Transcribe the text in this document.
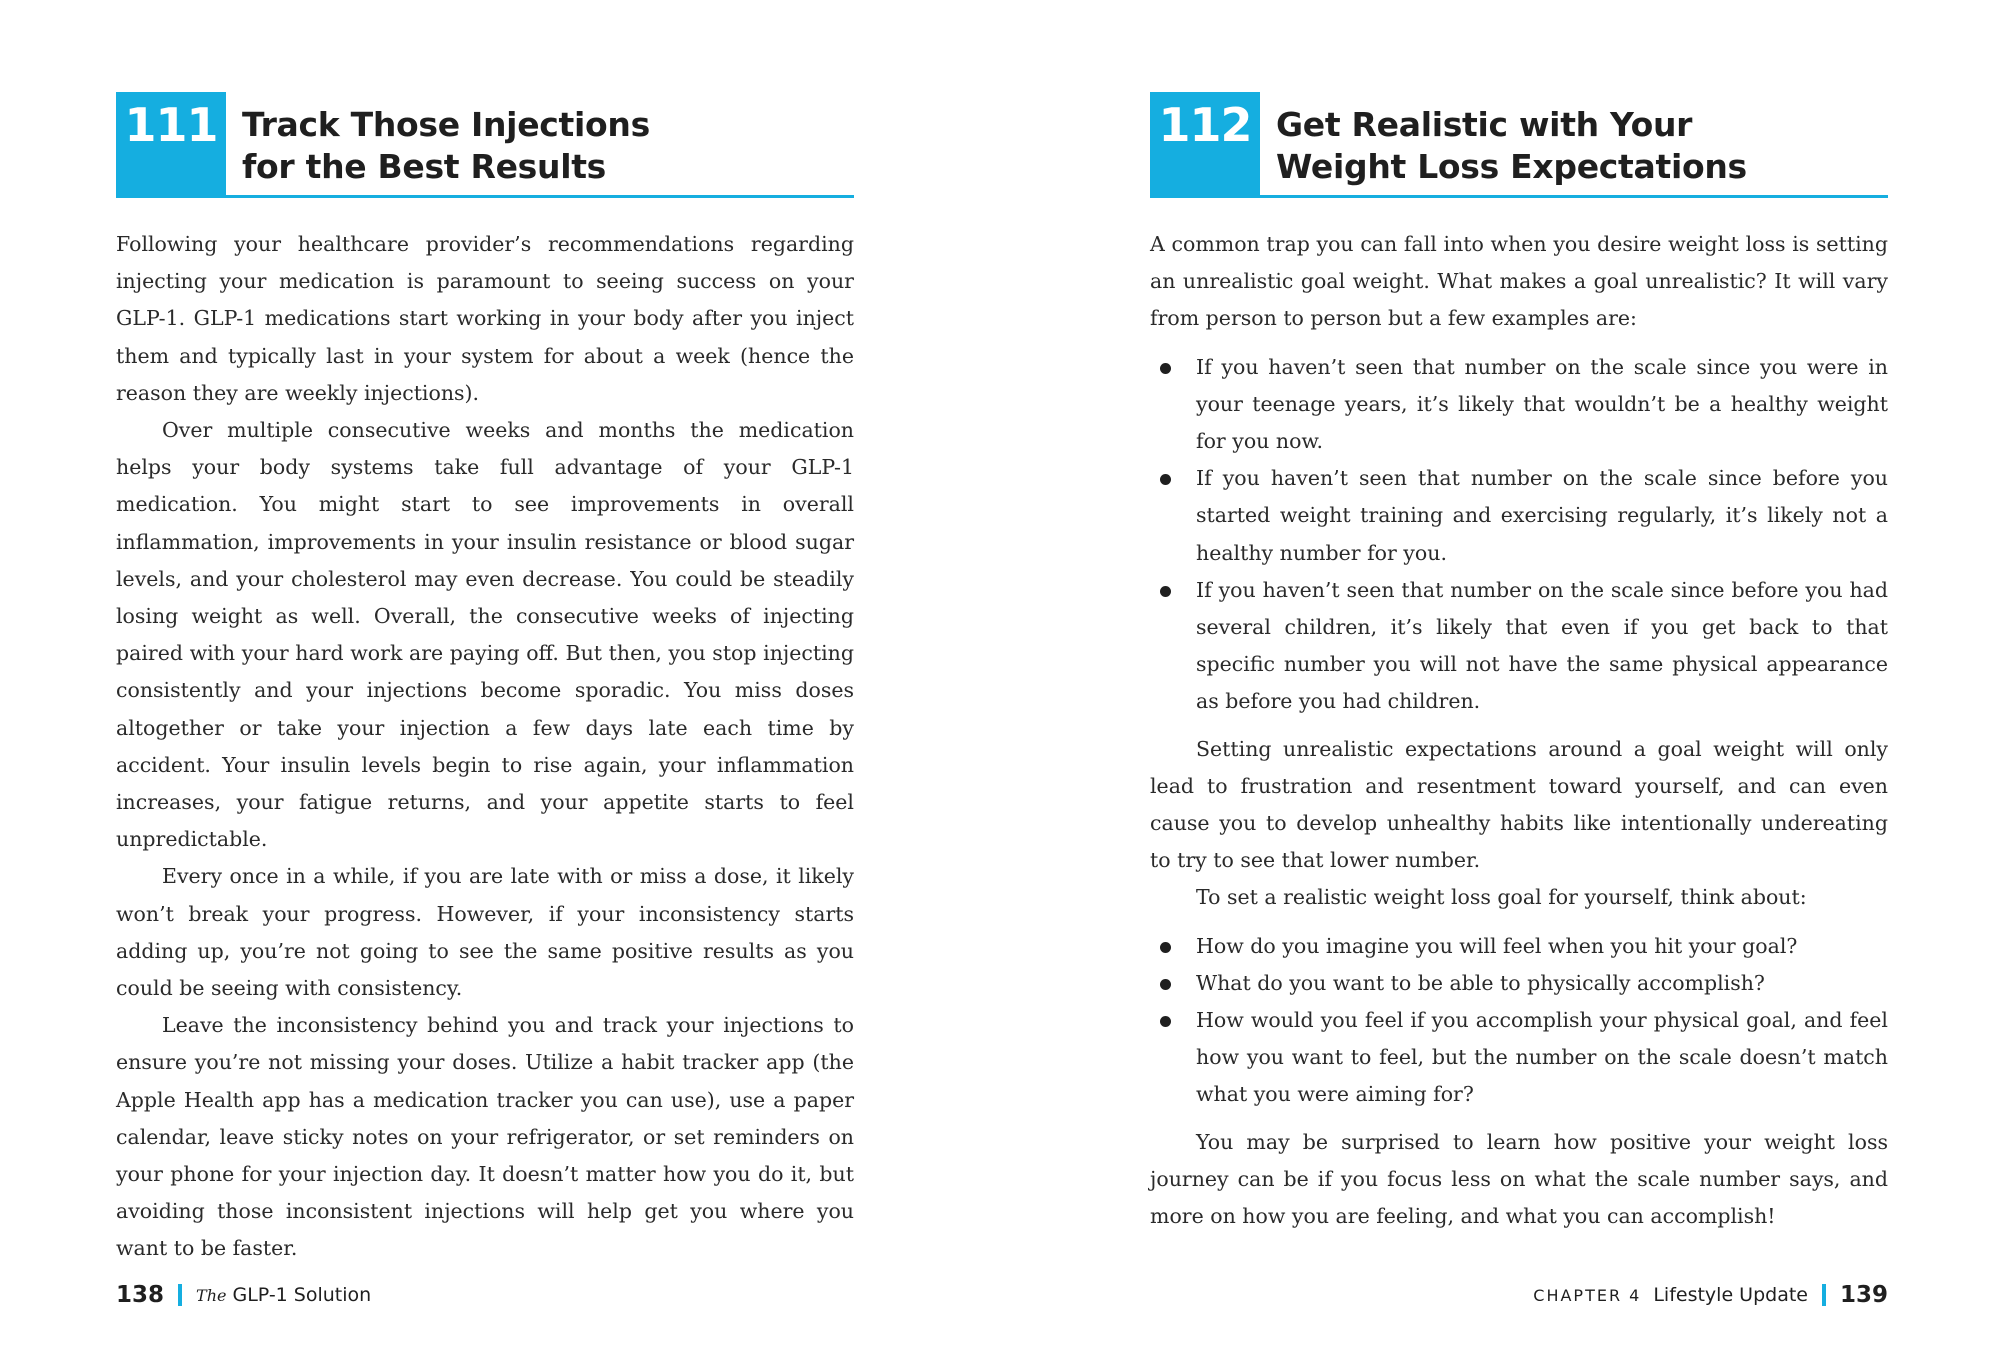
111 Track Those Injections
for the Best Results

Following your healthcare provider’s recommendations regarding injecting your medication is paramount to seeing success on your GLP-1. GLP-1 medications start working in your body after you inject them and typically last in your system for about a week (hence the reason they are weekly injections).

Over multiple consecutive weeks and months the medication helps your body systems take full advantage of your GLP-1 medication. You might start to see improvements in overall inflammation, improvements in your insulin resistance or blood sugar levels, and your cholesterol may even decrease. You could be steadily losing weight as well. Overall, the consecutive weeks of injecting paired with your hard work are paying off. But then, you stop injecting consistently and your injections become sporadic. You miss doses altogether or take your injection a few days late each time by accident. Your insulin levels begin to rise again, your inflammation increases, your fatigue returns, and your appetite starts to feel unpredictable.

Every once in a while, if you are late with or miss a dose, it likely won’t break your progress. However, if your inconsistency starts adding up, you’re not going to see the same positive results as you could be seeing with consistency.

Leave the inconsistency behind you and track your injections to ensure you’re not missing your doses. Utilize a habit tracker app (the Apple Health app has a medication tracker you can use), use a paper calendar, leave sticky notes on your refrigerator, or set reminders on your phone for your injection day. It doesn’t matter how you do it, but avoiding those inconsistent injections will help get you where you want to be faster.

138 The GLP-1 Solution
112 Get Realistic with Your
Weight Loss Expectations

A common trap you can fall into when you desire weight loss is setting an unrealistic goal weight. What makes a goal unrealistic? It will vary from person to person but a few examples are:

If you haven’t seen that number on the scale since you were in your teenage years, it’s likely that wouldn’t be a healthy weight for you now.
If you haven’t seen that number on the scale since before you started weight training and exercising regularly, it’s likely not a healthy number for you.
If you haven’t seen that number on the scale since before you had several children, it’s likely that even if you get back to that specific number you will not have the same physical appearance as before you had children.

Setting unrealistic expectations around a goal weight will only lead to frustration and resentment toward yourself, and can even cause you to develop unhealthy habits like intentionally undereating to try to see that lower number.

To set a realistic weight loss goal for yourself, think about:

How do you imagine you will feel when you hit your goal?
What do you want to be able to physically accomplish?
How would you feel if you accomplish your physical goal, and feel how you want to feel, but the number on the scale doesn’t match what you were aiming for?

You may be surprised to learn how positive your weight loss journey can be if you focus less on what the scale number says, and more on how you are feeling, and what you can accomplish!

CHAPTER 4 Lifestyle Update 139
